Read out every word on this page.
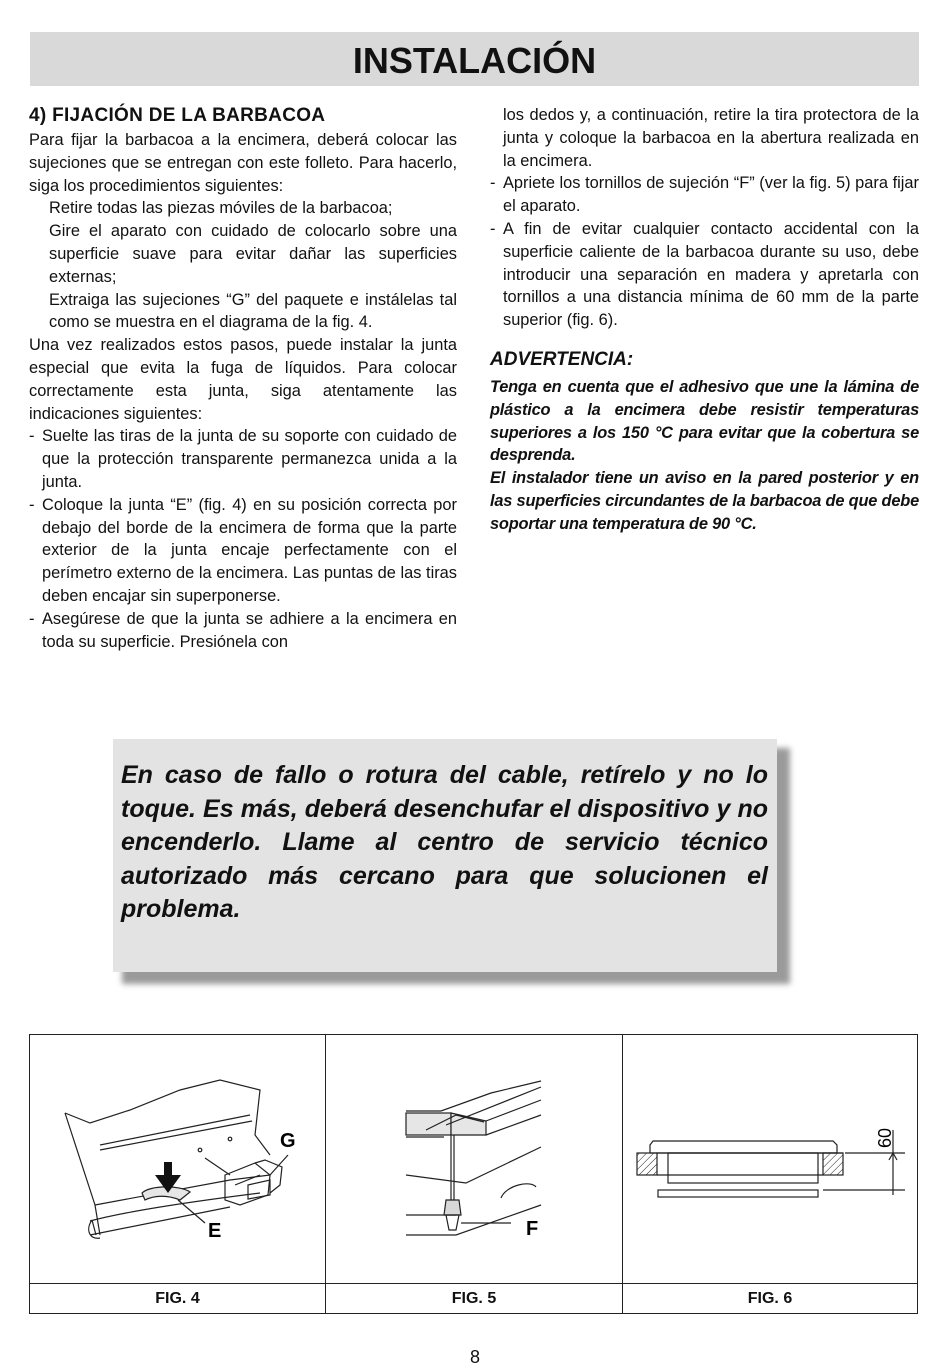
INSTALACIÓN
4) FIJACIÓN DE LA BARBACOA

Para fijar la barbacoa a la encimera, deberá colocar las sujeciones que se entregan con este folleto. Para hacerlo, siga los procedimientos siguientes:

Retire todas las piezas móviles de la barbacoa;

Gire el aparato con cuidado de colocarlo sobre una superficie suave para evitar dañar las superficies externas;

Extraiga las sujeciones “G” del paquete e instálelas tal como se muestra en el diagrama de la fig. 4.

Una vez realizados estos pasos, puede instalar la junta especial que evita la fuga de líquidos. Para colocar correctamente esta junta, siga atentamente las indicaciones siguientes:

- Suelte las tiras de la junta de su soporte con cuidado de que la protección transparente permanezca unida a la junta.
- Coloque la junta “E” (fig. 4) en su posición correcta por debajo del borde de la encimera de forma que la parte exterior de la junta encaje perfectamente con el perímetro externo de la encimera. Las puntas de las tiras deben encajar sin superponerse.
- Asegúrese de que la junta se adhiere a la encimera en toda su superficie. Presiónela con

los dedos y, a continuación, retire la tira protectora de la junta y coloque la barbacoa en la abertura realizada en la encimera.

- Apriete los tornillos de sujeción “F” (ver la fig. 5) para fijar el aparato.
- A fin de evitar cualquier contacto accidental con la superficie caliente de la barbacoa durante su uso, debe introducir una separación en madera y apretarla con tornillos a una distancia mínima de 60 mm de la parte superior (fig. 6).
ADVERTENCIA:

Tenga en cuenta que el adhesivo que une la lámina de plástico a la encimera debe resistir temperaturas superiores a los 150 °C para evitar que la cobertura se desprenda.

El instalador tiene un aviso en la pared posterior y en las superficies circundantes de la barbacoa de que debe soportar una temperatura de 90 °C.

En caso de fallo o rotura del cable, retírelo y no lo toque. Es más, deberá desenchufar el dispositivo y no encenderlo. Llame al centro de servicio técnico autorizado más cercano para que solucionen el problema.

E
G
F
60
FIG. 4	FIG. 5	FIG. 6
8
